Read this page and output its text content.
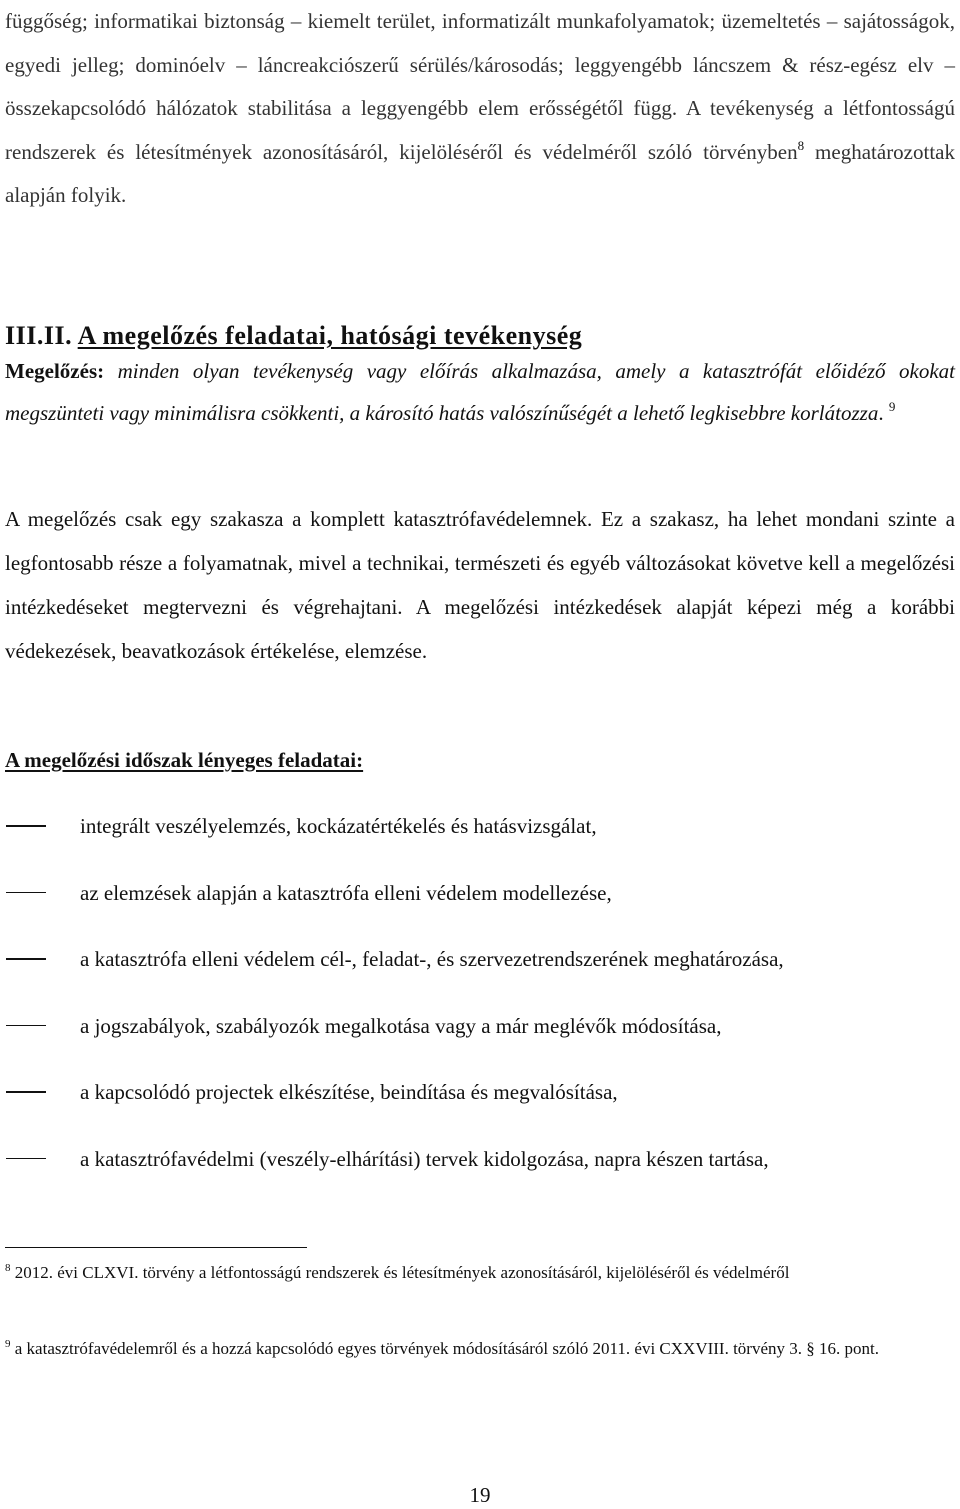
függőség; informatikai biztonság – kiemelt terület, informatizált munkafolyamatok; üzemeltetés – sajátosságok, egyedi jelleg; dominóelv – láncreakciószerű sérülés/károsodás; leggyengébb láncszem & rész-egész elv – összekapcsolódó hálózatok stabilitása a leggyengébb elem erősségétől függ. A tevékenység a létfontosságú rendszerek és létesítmények azonosításáról, kijelöléséről és védelméről szóló törvényben$^8$ meghatározottak alapján folyik.

III.II. A megelőzés feladatai, hatósági tevékenység

Megelőzés: minden olyan tevékenység vagy előírás alkalmazása, amely a katasztrófát előidéző okokat megszünteti vagy minimálisra csökkenti, a károsító hatás valószínűségét a lehető legkisebbre korlátozza. $^9$

A megelőzés csak egy szakasza a komplett katasztrófavédelemnek. Ez a szakasz, ha lehet mondani szinte a legfontosabb része a folyamatnak, mivel a technikai, természeti és egyéb változásokat követve kell a megelőzési intézkedéseket megtervezni és végrehajtani. A megelőzési intézkedések alapját képezi még a korábbi védekezések, beavatkozások értékelése, elemzése.

A megelőzési időszak lényeges feladatai:
integrált veszélyelemzés, kockázatértékelés és hatásvizsgálat,
az elemzések alapján a katasztrófa elleni védelem modellezése,
a katasztrófa elleni védelem cél-, feladat-, és szervezetrendszerének meghatározása,
a jogszabályok, szabályozók megalkotása vagy a már meglévők módosítása,
a kapcsolódó projectek elkészítése, beindítása és megvalósítása,
a katasztrófavédelmi (veszély-elhárítási) tervek kidolgozása, napra készen tartása,

$^8$ 2012. évi CLXVI. törvény a létfontosságú rendszerek és létesítmények azonosításáról, kijelöléséről és védelméről

$^9$ a katasztrófavédelemről és a hozzá kapcsolódó egyes törvények módosításáról szóló 2011. évi CXXVIII. törvény 3. § 16. pont.

19
